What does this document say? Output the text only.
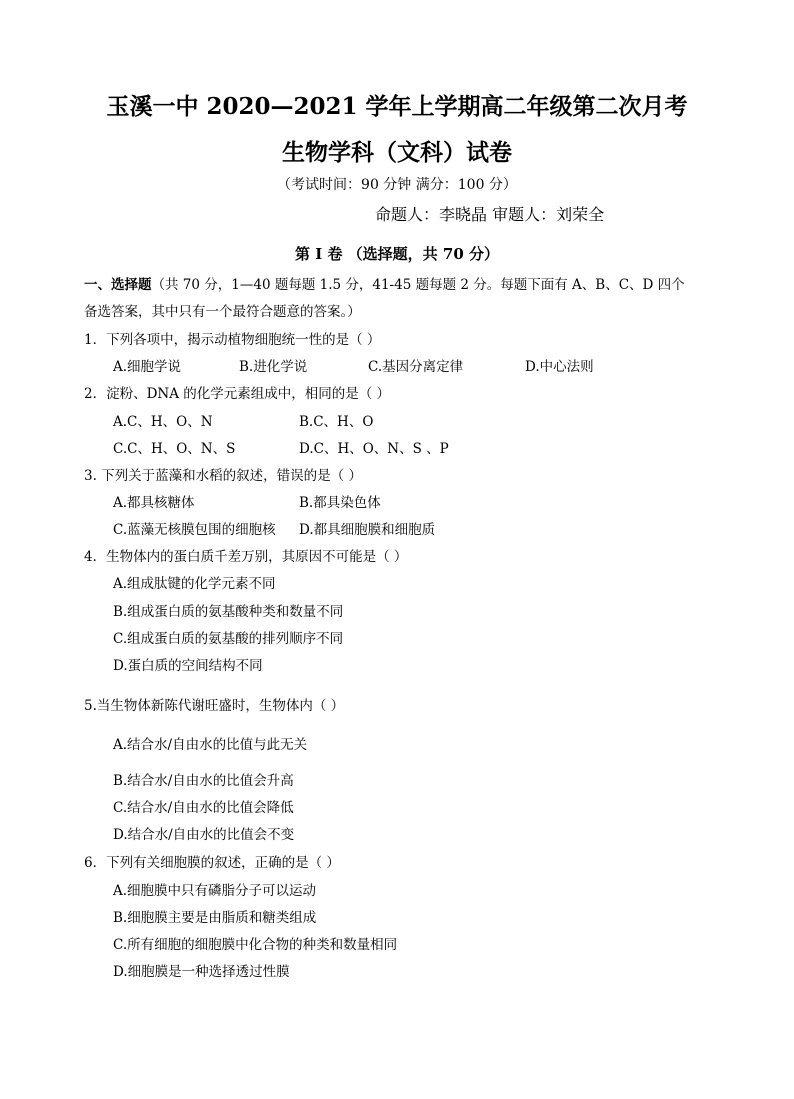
玉溪一中 2020—2021 学年上学期高二年级第二次月考
生物学科（文科）试卷
（考试时间：90 分钟 满分：100 分）
命题人：李晓晶 审题人：刘荣全
第 I 卷 （选择题，共 70 分）
一、选择题（共 70 分，1—40 题每题 1.5 分，41-45 题每题 2 分。每题下面有 A、B、C、D 四个
备选答案，其中只有一个最符合题意的答案。）
1．下列各项中，揭示动植物细胞统一性的是（ ）
A.细胞学说	B.进化学说	C.基因分离定律	D.中心法则
2．淀粉、DNA 的化学元素组成中，相同的是（ ）
A.C、H、O、N	B.C、H、O
C.C、H、O、N、S	D.C、H、O、N、S 、P
3. 下列关于蓝藻和水稻的叙述，错误的是（ ）
A.都具核糖体	B.都具染色体
C.蓝藻无核膜包围的细胞核 D.都具细胞膜和细胞质
4．生物体内的蛋白质千差万别，其原因不可能是（ ）
A.组成肽键的化学元素不同
B.组成蛋白质的氨基酸种类和数量不同
C.组成蛋白质的氨基酸的排列顺序不同
D.蛋白质的空间结构不同
5.当生物体新陈代谢旺盛时，生物体内（ ）
A.结合水/自由水的比值与此无关
B.结合水/自由水的比值会升高
C.结合水/自由水的比值会降低
D.结合水/自由水的比值会不变
6．下列有关细胞膜的叙述，正确的是（ ）
A.细胞膜中只有磷脂分子可以运动
B.细胞膜主要是由脂质和糖类组成
C.所有细胞的细胞膜中化合物的种类和数量相同
D.细胞膜是一种选择透过性膜
